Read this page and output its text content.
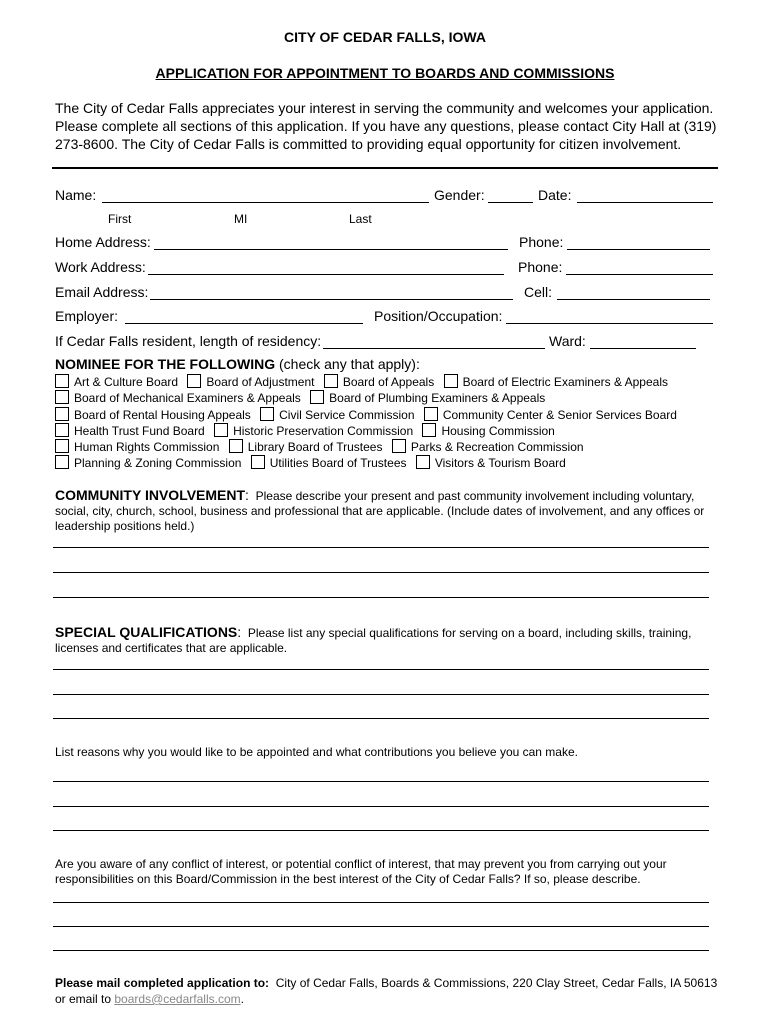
CITY OF CEDAR FALLS, IOWA
APPLICATION FOR APPOINTMENT TO BOARDS AND COMMISSIONS
The City of Cedar Falls appreciates your interest in serving the community and welcomes your application. Please complete all sections of this application. If you have any questions, please contact City Hall at (319) 273-8600. The City of Cedar Falls is committed to providing equal opportunity for citizen involvement.
Name:	Gender:	Date:
First	MI	Last
Home Address:	Phone:
Work Address:	Phone:
Email Address:	Cell:
Employer:	Position/Occupation:
If Cedar Falls resident, length of residency:	Ward:
NOMINEE FOR THE FOLLOWING (check any that apply):
Art & Culture Board Board of Adjustment Board of Appeals Board of Electric Examiners & Appeals
Board of Mechanical Examiners & Appeals Board of Plumbing Examiners & Appeals
Board of Rental Housing Appeals Civil Service Commission Community Center & Senior Services Board
Health Trust Fund Board Historic Preservation Commission Housing Commission
Human Rights Commission Library Board of Trustees Parks & Recreation Commission
Planning & Zoning Commission Utilities Board of Trustees Visitors & Tourism Board
COMMUNITY INVOLVEMENT: Please describe your present and past community involvement including voluntary, social, city, church, school, business and professional that are applicable. (Include dates of involvement, and any offices or leadership positions held.)
SPECIAL QUALIFICATIONS: Please list any special qualifications for serving on a board, including skills, training, licenses and certificates that are applicable.
List reasons why you would like to be appointed and what contributions you believe you can make.
Are you aware of any conflict of interest, or potential conflict of interest, that may prevent you from carrying out your responsibilities on this Board/Commission in the best interest of the City of Cedar Falls? If so, please describe.
Please mail completed application to: City of Cedar Falls, Boards & Commissions, 220 Clay Street, Cedar Falls, IA 50613 or email to boards@cedarfalls.com.
